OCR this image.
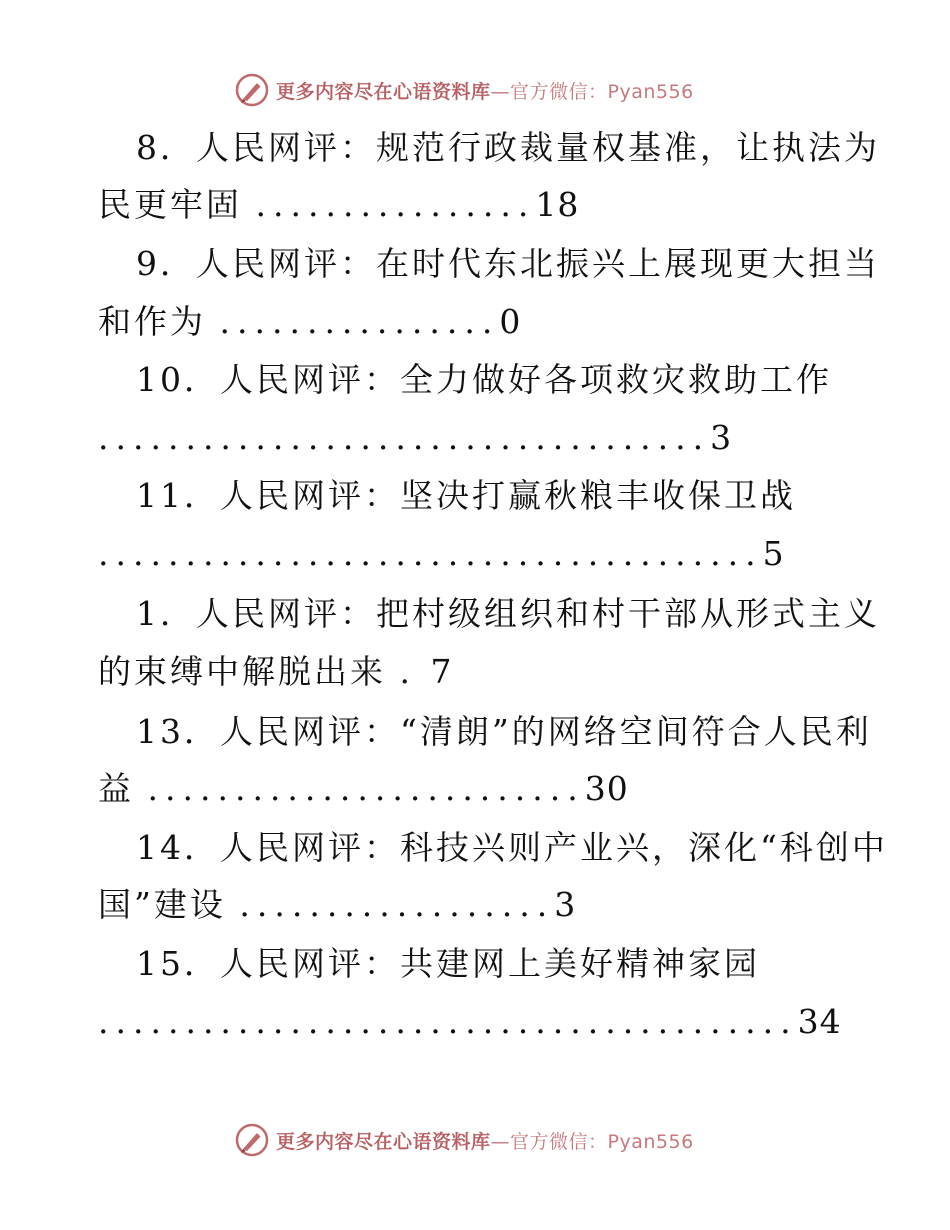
更多内容尽在心语资料库—官方微信：Pyan556
8．人民网评：规范行政裁量权基准，让执法为
民更牢固 ................18
9．人民网评：在时代东北振兴上展现更大担当
和作为 ................0
10．人民网评：全力做好各项救灾救助工作
...................................3
11．人民网评：坚决打赢秋粮丰收保卫战
......................................5
1．人民网评：把村级组织和村干部从形式主义
的束缚中解脱出来 . 7
13．人民网评：“清朗”的网络空间符合人民利
益 .........................30
14．人民网评：科技兴则产业兴，深化“科创中
国”建设 ..................3
15．人民网评：共建网上美好精神家园
........................................34
更多内容尽在心语资料库—官方微信：Pyan556
